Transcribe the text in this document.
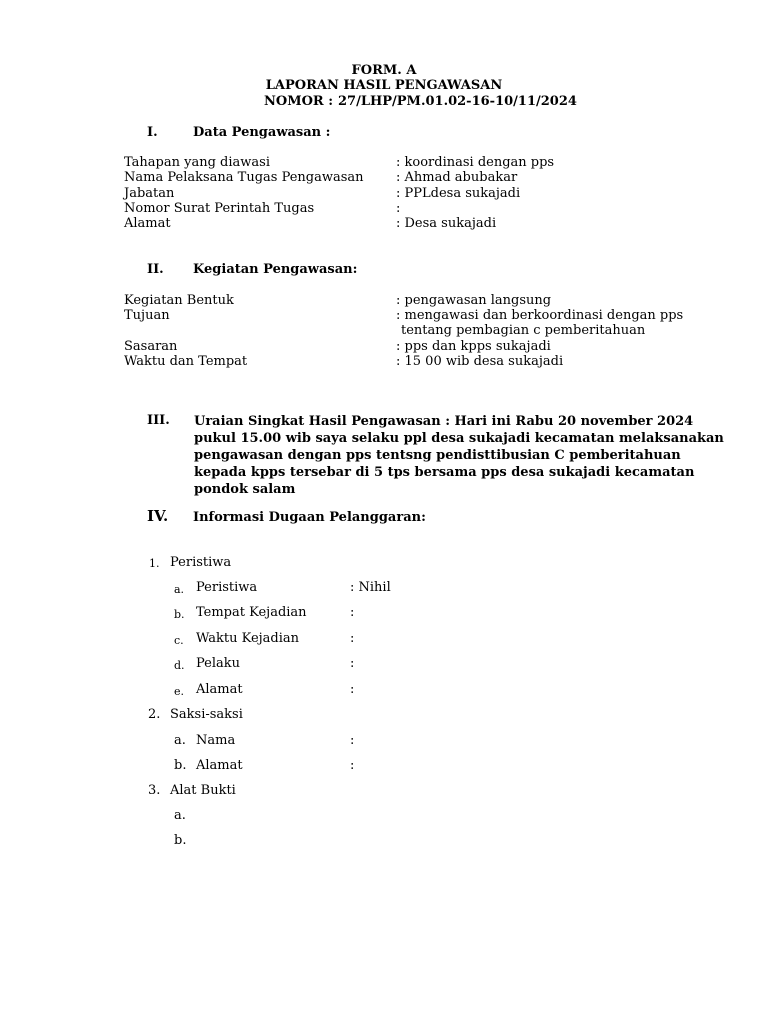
FORM. A
LAPORAN HASIL PENGAWASAN
NOMOR : 27/LHP/PM.01.02-16-10/11/2024
I.	Data Pengawasan :
Tahapan yang diawasi	: koordinasi dengan pps
Nama Pelaksana Tugas Pengawasan : Ahmad abubakar
Jabatan	: PPLdesa sukajadi
Nomor Surat Perintah Tugas	:
Alamat	: Desa sukajadi
II. Kegiatan Pengawasan:
Kegiatan Bentuk	: pengawasan langsung
Tujuan	: mengawasi dan berkoordinasi dengan pps
tentang pembagian c pemberitahuan
Sasaran	: pps dan kpps sukajadi
Waktu dan Tempat	: 15 00 wib desa sukajadi
III. Uraian Singkat Hasil Pengawasan : Hari ini Rabu 20 november 2024 pukul 15.00 wib saya selaku ppl desa sukajadi kecamatan melaksanakan pengawasan dengan pps tentsng pendisttibusian C pemberitahuan kepada kpps tersebar di 5 tps bersama pps desa sukajadi kecamatan pondok salam
IV. Informasi Dugaan Pelanggaran:
1. Peristiwa
a. Peristiwa	: Nihil
b. Tempat Kejadian	:
c. Waktu Kejadian	:
d. Pelaku	:
e. Alamat	:
2. Saksi-saksi
a. Nama	:
b. Alamat	:
3. Alat Bukti
a.
b.
